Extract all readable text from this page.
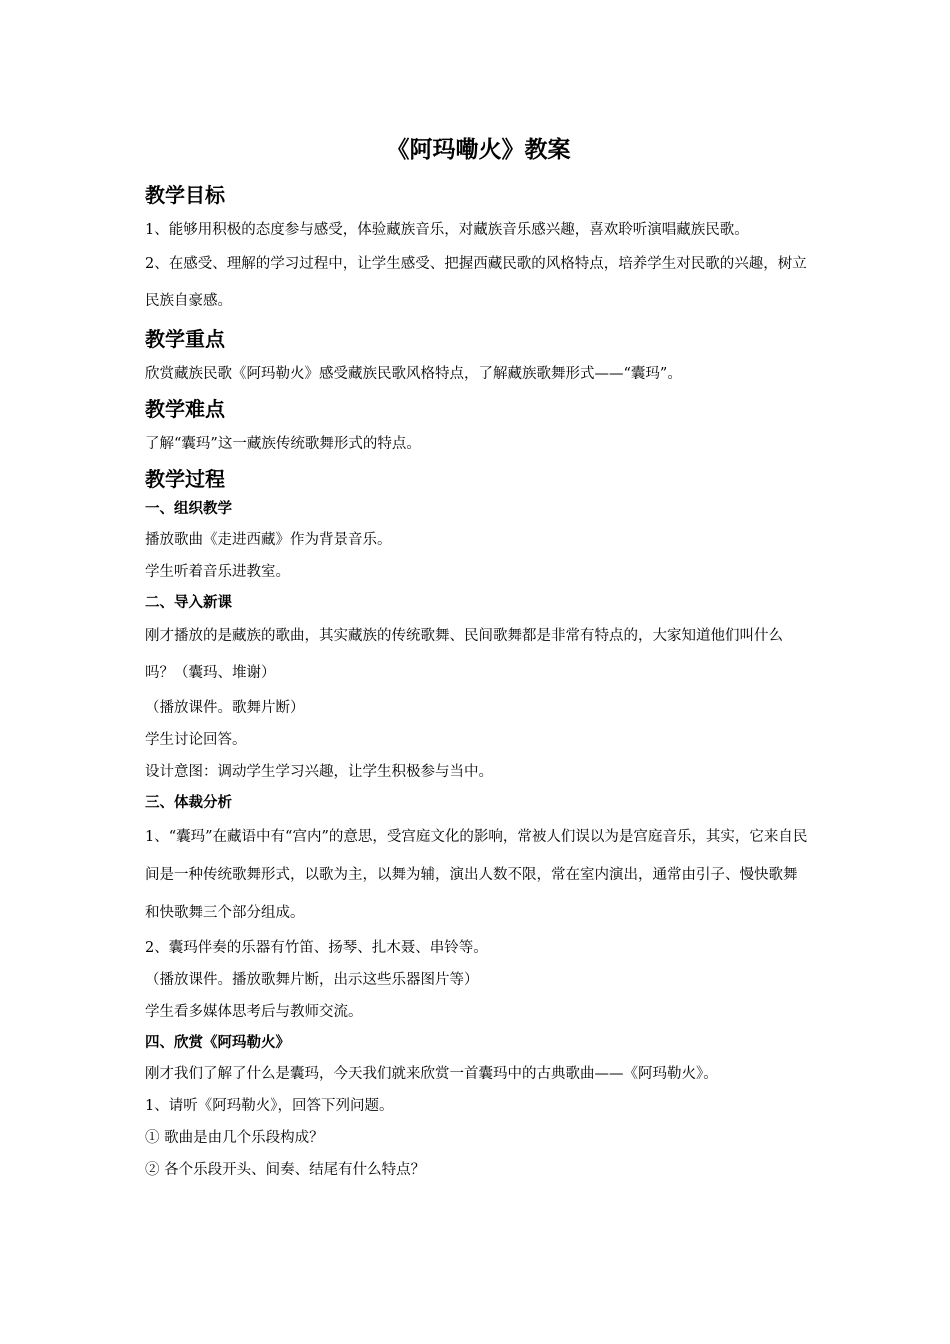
《阿玛嘞火》教案
教学目标

1、能够用积极的态度参与感受，体验藏族音乐，对藏族音乐感兴趣，喜欢聆听演唱藏族民歌。

2、在感受、理解的学习过程中，让学生感受、把握西藏民歌的风格特点，培养学生对民歌的兴趣，树立民族自豪感。

教学重点

欣赏藏族民歌《阿玛勒火》感受藏族民歌风格特点，了解藏族歌舞形式——“囊玛”。

教学难点

了解“囊玛”这一藏族传统歌舞形式的特点。

教学过程
一、组织教学

播放歌曲《走进西藏》作为背景音乐。

学生听着音乐进教室。

二、导入新课

刚才播放的是藏族的歌曲，其实藏族的传统歌舞、民间歌舞都是非常有特点的，大家知道他们叫什么吗？（囊玛、堆谢）

（播放课件。歌舞片断）

学生讨论回答。

设计意图：调动学生学习兴趣，让学生积极参与当中。

三、体裁分析

1、“囊玛”在藏语中有“宫内”的意思，受宫庭文化的影响，常被人们误以为是宫庭音乐，其实，它来自民间是一种传统歌舞形式，以歌为主，以舞为辅，演出人数不限，常在室内演出，通常由引子、慢快歌舞和快歌舞三个部分组成。

2、囊玛伴奏的乐器有竹笛、扬琴、扎木聂、串铃等。

（播放课件。播放歌舞片断，出示这些乐器图片等）

学生看多媒体思考后与教师交流。

四、欣赏《阿玛勒火》

刚才我们了解了什么是囊玛，今天我们就来欣赏一首囊玛中的古典歌曲——《阿玛勒火》。

1、请听《阿玛勒火》，回答下列问题。

① 歌曲是由几个乐段构成？

② 各个乐段开头、间奏、结尾有什么特点？
